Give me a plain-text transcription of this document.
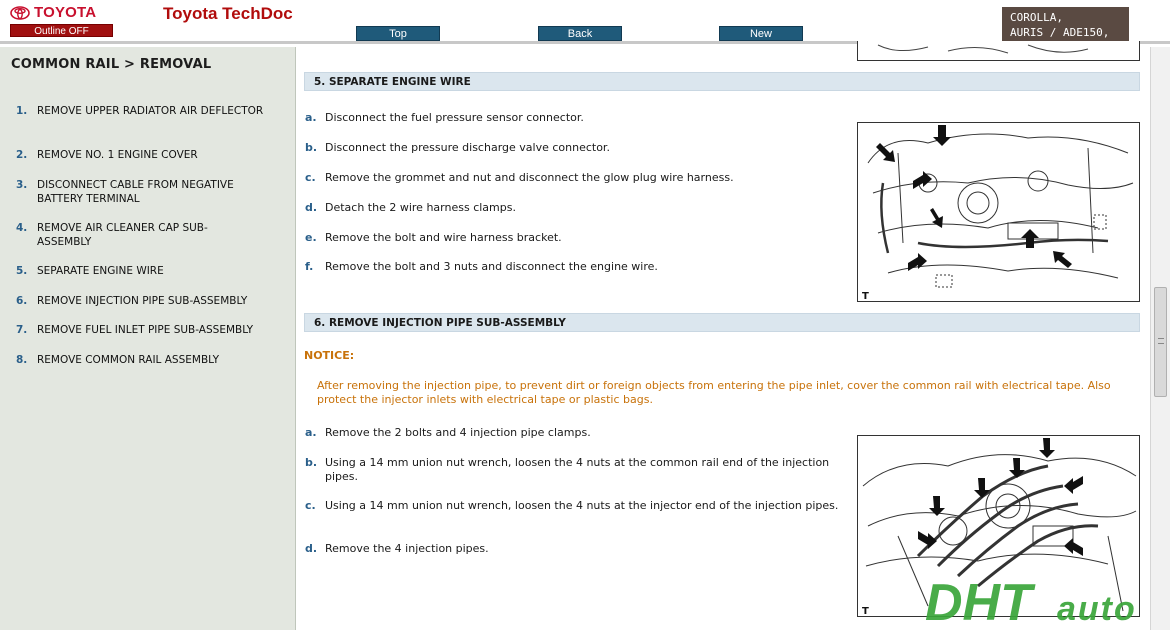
TOYOTA
Outline OFF
Toyota TechDoc
Top	Back	New
COROLLA,
AURIS / ADE150,
COMMON RAIL > REMOVAL
1. REMOVE UPPER RADIATOR AIR DEFLECTOR
2. REMOVE NO. 1 ENGINE COVER
3. DISCONNECT CABLE FROM NEGATIVE BATTERY TERMINAL
4. REMOVE AIR CLEANER CAP SUB-ASSEMBLY
5. SEPARATE ENGINE WIRE
6. REMOVE INJECTION PIPE SUB-ASSEMBLY
7. REMOVE FUEL INLET PIPE SUB-ASSEMBLY
8. REMOVE COMMON RAIL ASSEMBLY
5. SEPARATE ENGINE WIRE
a. Disconnect the fuel pressure sensor connector.
b. Disconnect the pressure discharge valve connector.
c. Remove the grommet and nut and disconnect the glow plug wire harness.
d. Detach the 2 wire harness clamps.
e. Remove the bolt and wire harness bracket.
f.	Remove the bolt and 3 nuts and disconnect the engine wire.
T
6. REMOVE INJECTION PIPE SUB-ASSEMBLY
NOTICE:
After removing the injection pipe, to prevent dirt or foreign objects from entering the pipe inlet, cover the common rail with electrical tape. Also protect the injector inlets with electrical tape or plastic bags.
a. Remove the 2 bolts and 4 injection pipe clamps.
b. Using a 14 mm union nut wrench, loosen the 4 nuts at the common rail end of the injection pipes.
c. Using a 14 mm union nut wrench, loosen the 4 nuts at the injector end of the injection pipes.
d. Remove the 4 injection pipes.
T DHT auto
